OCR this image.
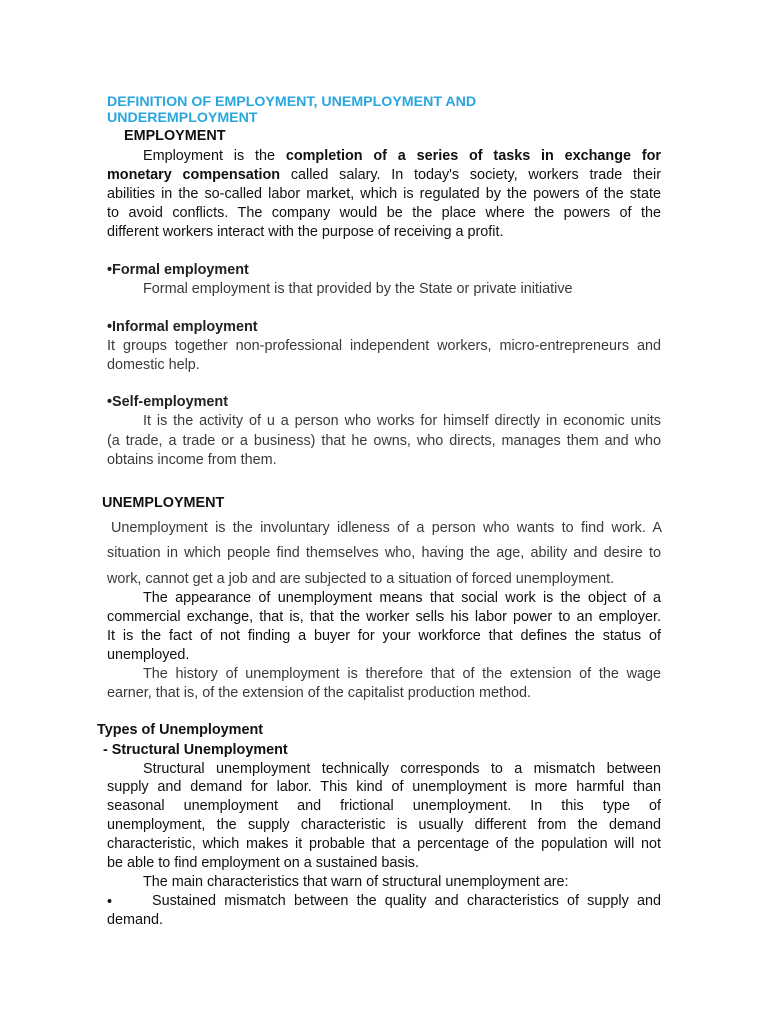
DEFINITION OF EMPLOYMENT, UNEMPLOYMENT AND
UNDEREMPLOYMENT
EMPLOYMENT
Employment is the completion of a series of tasks in exchange for
monetary compensation called salary. In today's society, workers trade their
abilities in the so-called labor market, which is regulated by the powers of the state
to avoid conflicts. The company would be the place where the powers of the
different workers interact with the purpose of receiving a profit.
•Formal employment
Formal employment is that provided by the State or private initiative
•Informal employment
It groups together non-professional independent workers, micro-entrepreneurs and
domestic help.
•Self-employment
It is the activity of u a person who works for himself directly in economic units
(a trade, a trade or a business) that he owns, who directs, manages them and who
obtains income from them.
UNEMPLOYMENT
Unemployment is the involuntary idleness of a person who wants to find work. A
situation in which people find themselves who, having the age, ability and desire to
work, cannot get a job and are subjected to a situation of forced unemployment.
The appearance of unemployment means that social work is the object of a
commercial exchange, that is, that the worker sells his labor power to an employer.
It is the fact of not finding a buyer for your workforce that defines the status of
unemployed.
The history of unemployment is therefore that of the extension of the wage
earner, that is, of the extension of the capitalist production method.
Types of Unemployment
- Structural Unemployment
Structural unemployment technically corresponds to a mismatch between
supply and demand for labor. This kind of unemployment is more harmful than
seasonal unemployment and frictional unemployment. In this type of
unemployment, the supply characteristic is usually different from the demand
characteristic, which makes it probable that a percentage of the population will not
be able to find employment on a sustained basis.
The main characteristics that warn of structural unemployment are:
•	Sustained mismatch between the quality and characteristics of supply and
demand.
